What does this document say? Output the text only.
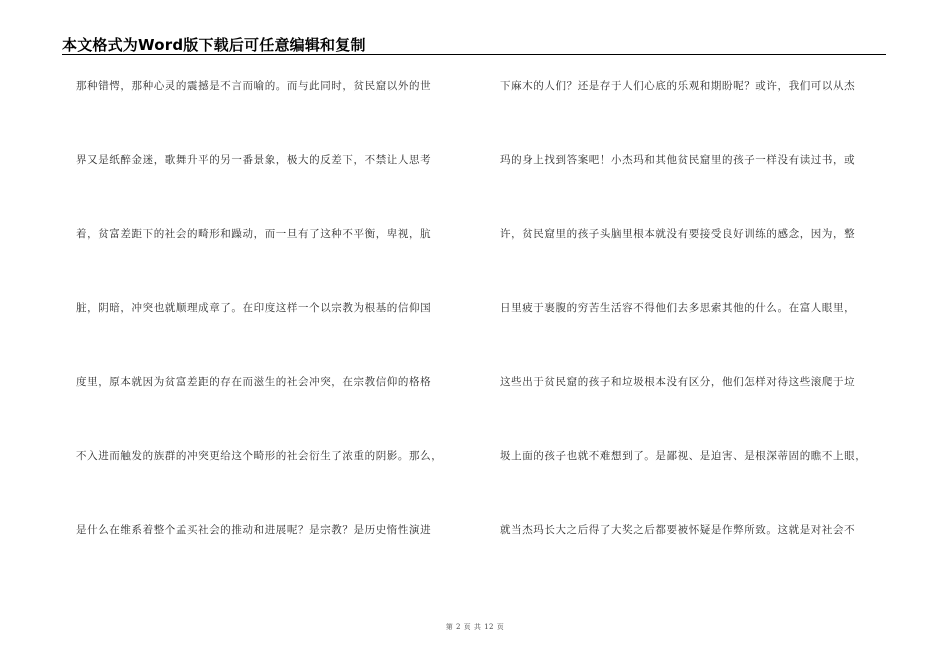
本文格式为Word版下载后可任意编辑和复制
那种错愕，那种心灵的震撼是不言而喻的。而与此同时，贫民窟以外的世
界又是纸醉金迷，歌舞升平的另一番景象，极大的反差下，不禁让人思考
着，贫富差距下的社会的畸形和躁动，而一旦有了这种不平衡，卑视，肮
脏，阴暗，冲突也就顺理成章了。在印度这样一个以宗教为根基的信仰国
度里，原本就因为贫富差距的存在而滋生的社会冲突，在宗教信仰的格格
不入进而触发的族群的冲突更给这个畸形的社会衍生了浓重的阴影。那么，
是什么在维系着整个孟买社会的推动和进展呢？是宗教？是历史惰性演进
下麻木的人们？还是存于人们心底的乐观和期盼呢？或许，我们可以从杰
玛的身上找到答案吧！小杰玛和其他贫民窟里的孩子一样没有读过书，或
许，贫民窟里的孩子头脑里根本就没有要接受良好训练的感念，因为，整
日里疲于裹腹的穷苦生活容不得他们去多思索其他的什么。在富人眼里，
这些出于贫民窟的孩子和垃圾根本没有区分，他们怎样对待这些滚爬于垃
圾上面的孩子也就不难想到了。是鄙视、是迫害、是根深蒂固的瞧不上眼，
就当杰玛长大之后得了大奖之后都要被怀疑是作弊所致。这就是对社会不
第 2 页 共 12 页
